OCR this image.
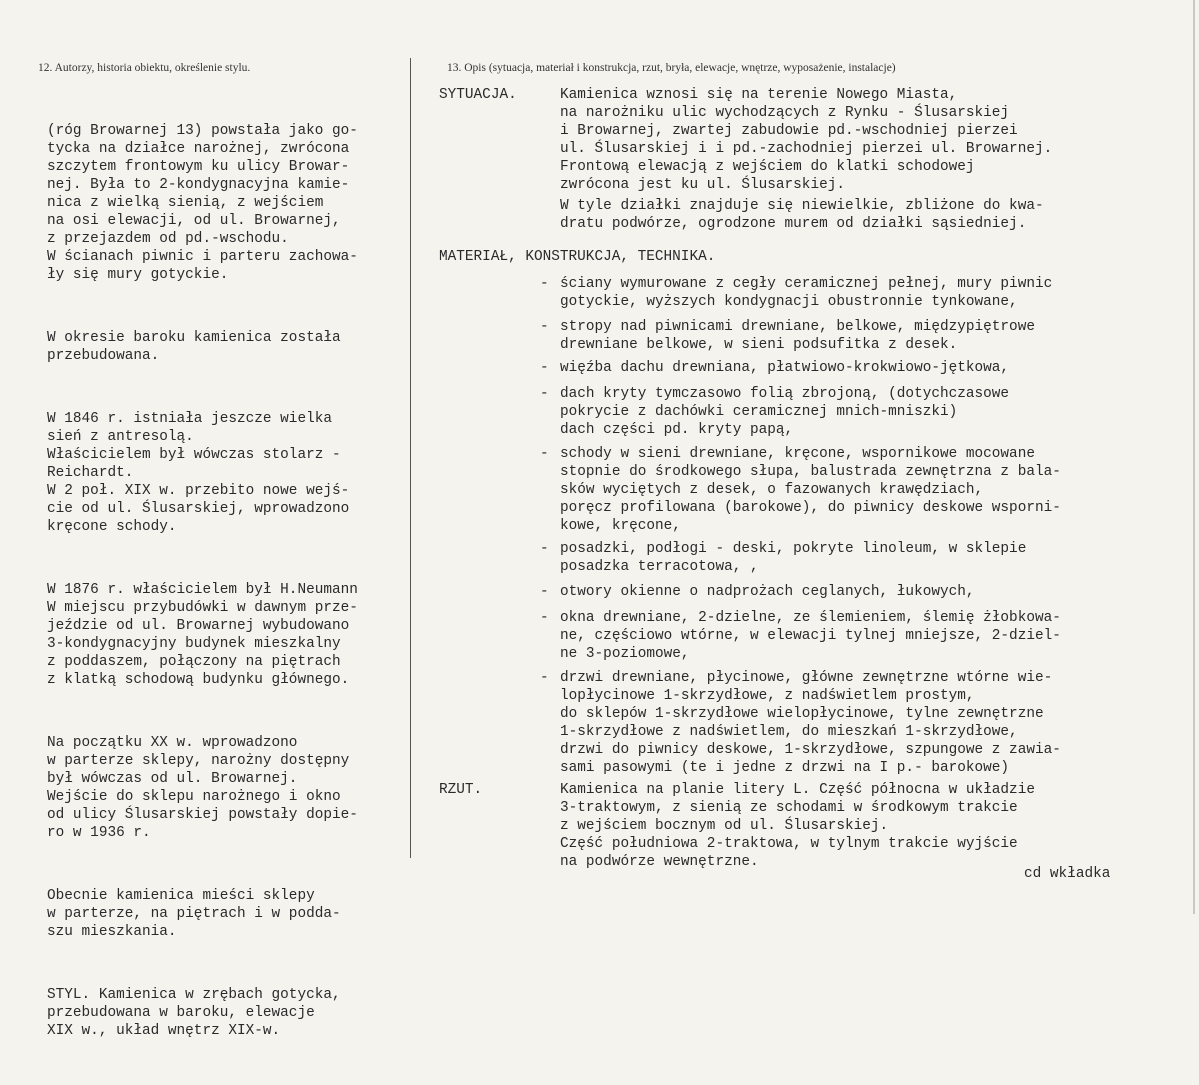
12. Autorzy, historia obiektu, określenie stylu.	13. Opis (sytuacja, materiał i konstrukcja, rzut, bryła, elewacje, wnętrze, wyposażenie, instalacje)

(róg Browarnej 13) powstała jako go-
tycka na działce narożnej, zwrócona
szczytem frontowym ku ulicy Browar-
nej. Była to 2-kondygnacyjna kamie-
nica z wielką sienią, z wejściem
na osi elewacji, od ul. Browarnej,
z przejazdem od pd.-wschodu.
W ścianach piwnic i parteru zachowa-
ły się mury gotyckie.

W okresie baroku kamienica została
przebudowana.

W 1846 r. istniała jeszcze wielka
sień z antresolą.
Właścicielem był wówczas stolarz -
Reichardt.
W 2 poł. XIX w. przebito nowe wejś-
cie od ul. Ślusarskiej, wprowadzono
kręcone schody.

W 1876 r. właścicielem był H.Neumann
W miejscu przybudówki w dawnym prze-
jeździe od ul. Browarnej wybudowano
3-kondygnacyjny budynek mieszkalny
z poddaszem, połączony na piętrach
z klatką schodową budynku głównego.

Na początku XX w. wprowadzono
w parterze sklepy, narożny dostępny
był wówczas od ul. Browarnej.
Wejście do sklepu narożnego i okno
od ulicy Ślusarskiej powstały dopie-
ro w 1936 r.

Obecnie kamienica mieści sklepy
w parterze, na piętrach i w podda-
szu mieszkania.

STYL. Kamienica w zrębach gotycka,
przebudowana w baroku, elewacje
XIX w., układ wnętrz XIX-w.

SYTUACJA.	Kamienica wznosi się na terenie Nowego Miasta,
na narożniku ulic wychodzących z Rynku - Ślusarskiej
i Browarnej, zwartej zabudowie pd.-wschodniej pierzei
ul. Ślusarskiej i i pd.-zachodniej pierzei ul. Browarnej.
Frontową elewacją z wejściem do klatki schodowej
zwrócona jest ku ul. Ślusarskiej.
W tyle działki znajduje się niewielkie, zbliżone do kwa-
dratu podwórze, ogrodzone murem od działki sąsiedniej.
MATERIAŁ, KONSTRUKCJA, TECHNIKA.

- ściany wymurowane z cegły ceramicznej pełnej, mury piwnic
gotyckie, wyższych kondygnacji obustronnie tynkowane,

- stropy nad piwnicami drewniane, belkowe, międzypiętrowe
drewniane belkowe, w sieni podsufitka z desek.

- więźba dachu drewniana, płatwiowo-krokwiowo-jętkowa,

- dach kryty tymczasowo folią zbrojoną, (dotychczasowe
pokrycie z dachówki ceramicznej mnich-mniszki)
dach części pd. kryty papą,

- schody w sieni drewniane, kręcone, wspornikowe mocowane
stopnie do środkowego słupa, balustrada zewnętrzna z bala-
sków wyciętych z desek, o fazowanych krawędziach,
poręcz profilowana (barokowe), do piwnicy deskowe wsporni-
kowe, kręcone,

- posadzki, podłogi - deski, pokryte linoleum, w sklepie
posadzka terracotowa, ,

- otwory okienne o nadprożach ceglanych, łukowych,

- okna drewniane, 2-dzielne, ze ślemieniem, ślemię żłobkowa-
ne, częściowo wtórne, w elewacji tylnej mniejsze, 2-dziel-
ne 3-poziomowe,

- drzwi drewniane, płycinowe, główne zewnętrzne wtórne wie-
lopłycinowe 1-skrzydłowe, z nadświetlem prostym,
do sklepów 1-skrzydłowe wielopłycinowe, tylne zewnętrzne
1-skrzydłowe z nadświetlem, do mieszkań 1-skrzydłowe,
drzwi do piwnicy deskowe, 1-skrzydłowe, szpungowe z zawia-
sami pasowymi (te i jedne z drzwi na I p.- barokowe)

RZUT.	Kamienica na planie litery L. Część północna w układzie
3-traktowym, z sienią ze schodami w środkowym trakcie
z wejściem bocznym od ul. Ślusarskiej.
Część południowa 2-traktowa, w tylnym trakcie wyjście
na podwórze wewnętrzne.
cd wkładka
